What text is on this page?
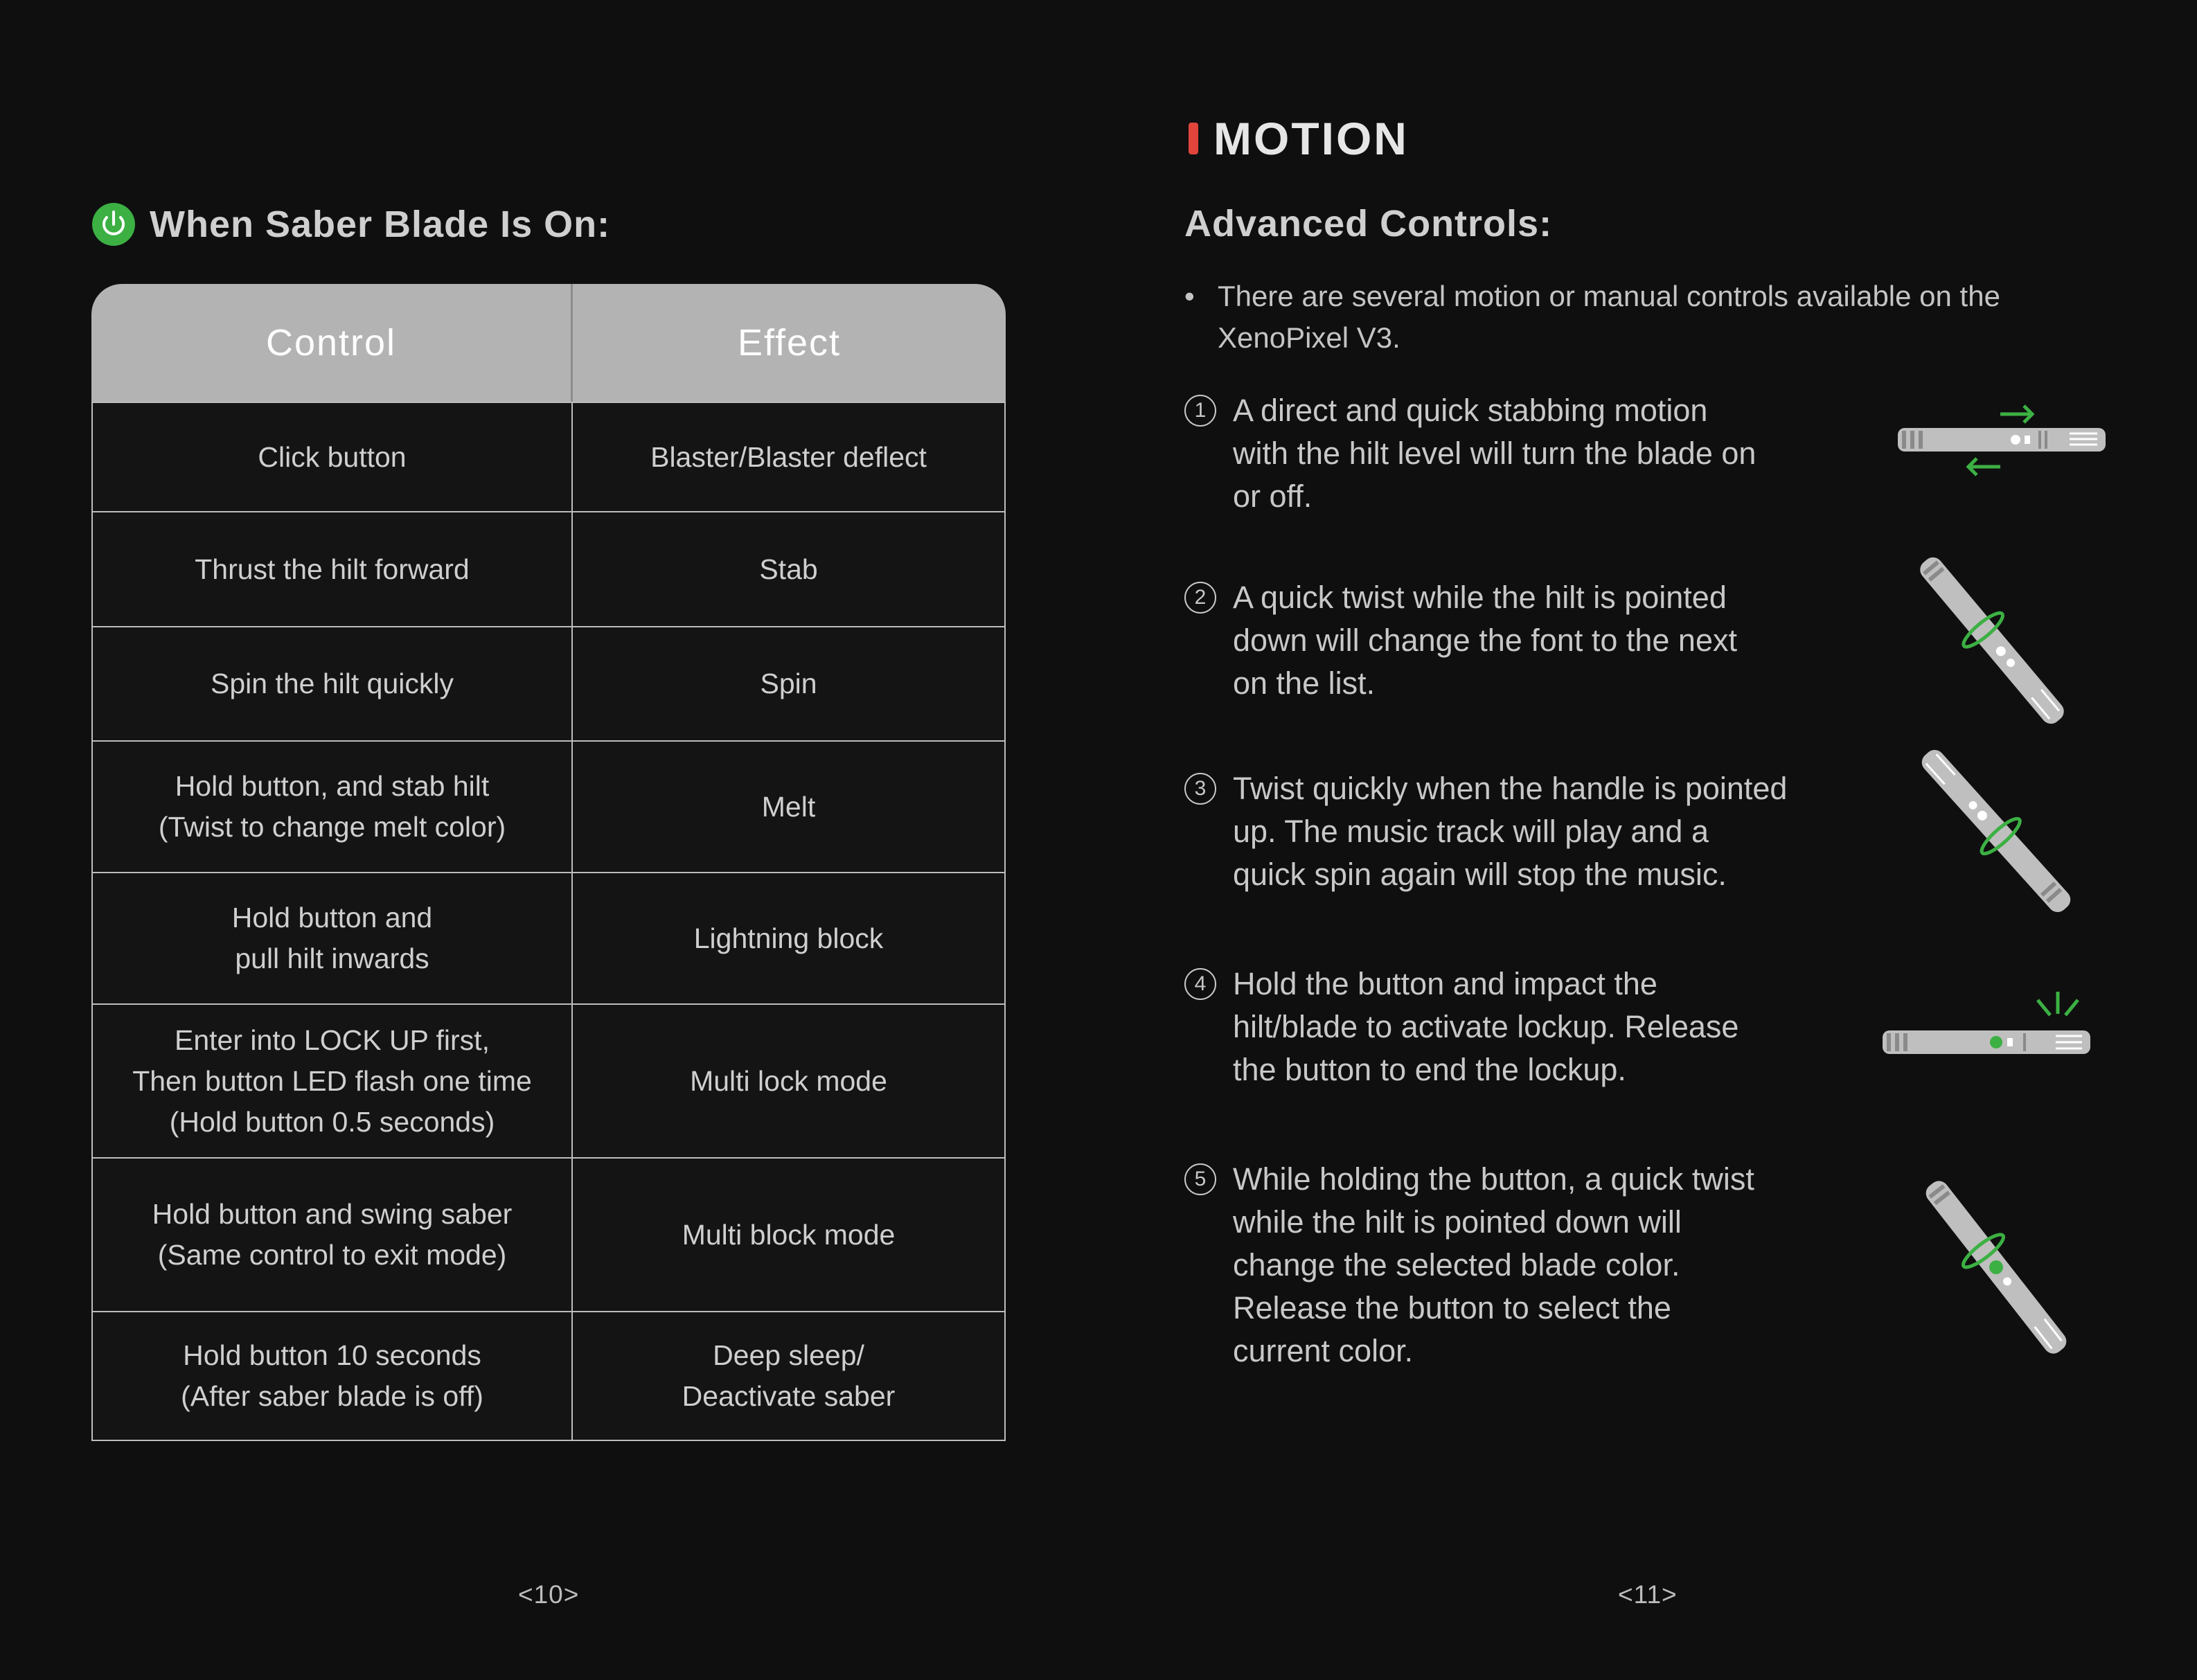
When Saber Blade Is On:
Control	Effect

Click button	Blaster/Blaster deflect

Thrust the hilt forward	Stab

Spin the hilt quickly	Spin

Hold button, and stab hilt
(Twist to change melt color)	Melt

Hold button and
pull hilt inwards	Lightning block

Enter into LOCK UP first,
Then button LED flash one time
(Hold button 0.5 seconds)	Multi lock mode

Hold button and swing saber
(Same control to exit mode)	Multi block mode

Hold button 10 seconds
(After saber blade is off)	Deep sleep/
Deactivate saber
<10>
MOTION
Advanced Controls:
• There are several motion or manual controls available on the XenoPixel V3.
1 A direct and quick stabbing motion
with the hilt level will turn the blade on
or off.
2 A quick twist while the hilt is pointed
down will change the font to the next
on the list.
3 Twist quickly when the handle is pointed
up. The music track will play and a
quick spin again will stop the music.
4 Hold the button and impact the
hilt/blade to activate lockup. Release
the button to end the lockup.
5 While holding the button, a quick twist
while the hilt is pointed down will
change the selected blade color.
Release the button to select the
current color.
<11>
